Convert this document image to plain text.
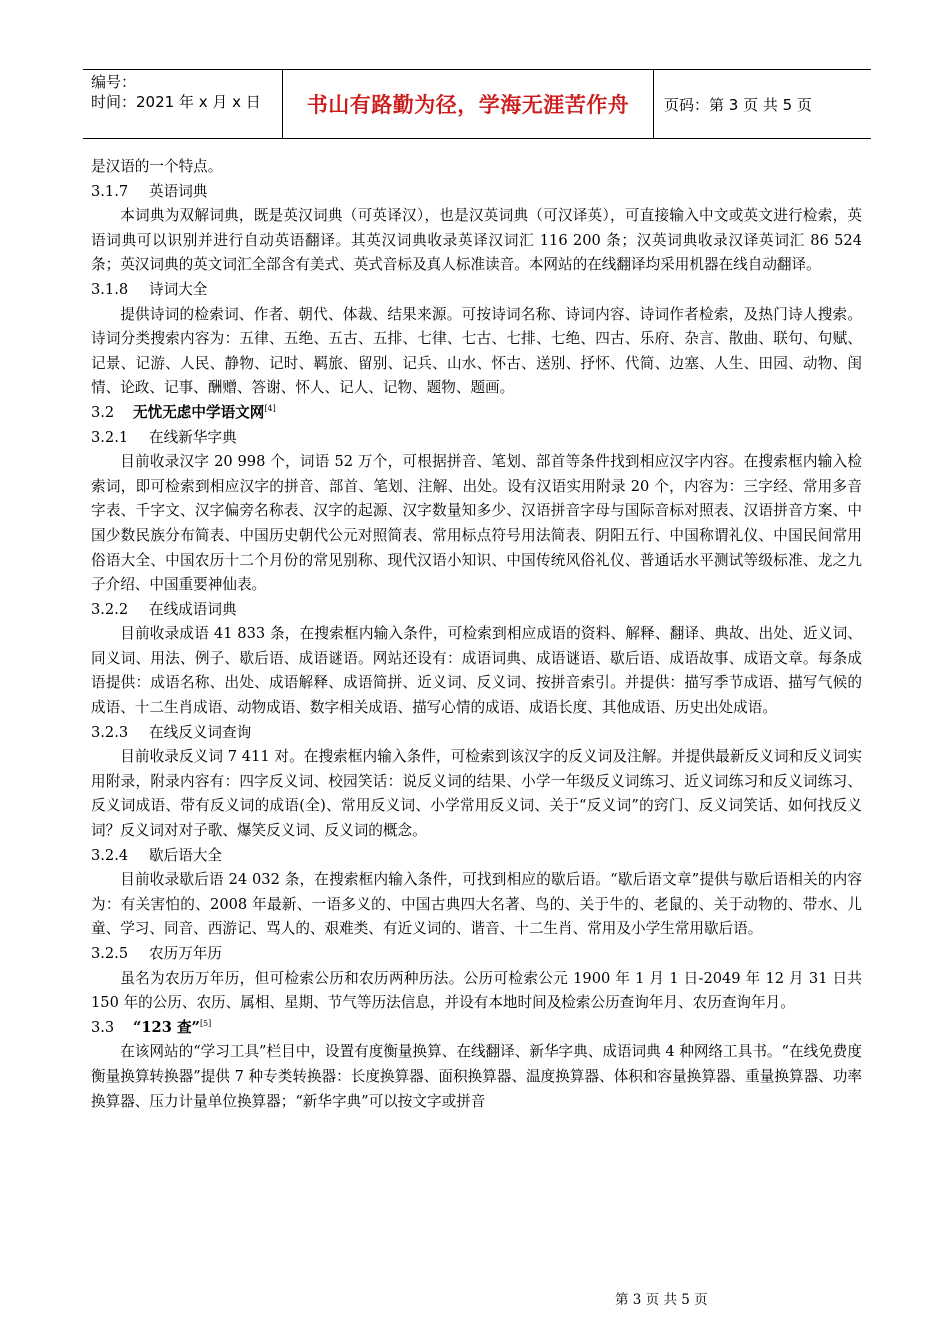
编号：
时间：2021 年 x 月 x 日	书山有路勤为径，学海无涯苦作舟	页码：第 3 页 共 5 页

是汉语的一个特点。

3.1.7 英语词典

本词典为双解词典，既是英汉词典（可英译汉），也是汉英词典（可汉译英），可直接输入中文或英文进行检索，英语词典可以识别并进行自动英语翻译。其英汉词典收录英译汉词汇 116 200 条；汉英词典收录汉译英词汇 86 524 条；英汉词典的英文词汇全部含有美式、英式音标及真人标准读音。本网站的在线翻译均采用机器在线自动翻译。

3.1.8 诗词大全

提供诗词的检索词、作者、朝代、体裁、结果来源。可按诗词名称、诗词内容、诗词作者检索，及热门诗人搜索。诗词分类搜索内容为：五律、五绝、五古、五排、七律、七古、七排、七绝、四古、乐府、杂言、散曲、联句、句赋、记景、记游、人民、静物、记时、羁旅、留别、记兵、山水、怀古、送别、抒怀、代简、边塞、人生、田园、动物、闺情、论政、记事、酬赠、答谢、怀人、记人、记物、题物、题画。

3.2 无忧无虑中学语文网[4]
3.2.1 在线新华字典

目前收录汉字 20 998 个，词语 52 万个，可根据拼音、笔划、部首等条件找到相应汉字内容。在搜索框内输入检索词，即可检索到相应汉字的拼音、部首、笔划、注解、出处。设有汉语实用附录 20 个，内容为：三字经、常用多音字表、千字文、汉字偏旁名称表、汉字的起源、汉字数量知多少、汉语拼音字母与国际音标对照表、汉语拼音方案、中国少数民族分布简表、中国历史朝代公元对照简表、常用标点符号用法简表、阴阳五行、中国称谓礼仪、中国民间常用俗语大全、中国农历十二个月份的常见别称、现代汉语小知识、中国传统风俗礼仪、普通话水平测试等级标准、龙之九子介绍、中国重要神仙表。

3.2.2 在线成语词典

目前收录成语 41 833 条，在搜索框内输入条件，可检索到相应成语的资料、解释、翻译、典故、出处、近义词、同义词、用法、例子、歇后语、成语谜语。网站还设有：成语词典、成语谜语、歇后语、成语故事、成语文章。每条成语提供：成语名称、出处、成语解释、成语简拼、近义词、反义词、按拼音索引。并提供：描写季节成语、描写气候的成语、十二生肖成语、动物成语、数字相关成语、描写心情的成语、成语长度、其他成语、历史出处成语。

3.2.3 在线反义词查询

目前收录反义词 7 411 对。在搜索框内输入条件，可检索到该汉字的反义词及注解。并提供最新反义词和反义词实用附录，附录内容有：四字反义词、校园笑话：说反义词的结果、小学一年级反义词练习、近义词练习和反义词练习、反义词成语、带有反义词的成语(全)、常用反义词、小学常用反义词、关于“反义词”的窍门、反义词笑话、如何找反义词？反义词对对子歌、爆笑反义词、反义词的概念。

3.2.4 歇后语大全

目前收录歇后语 24 032 条，在搜索框内输入条件，可找到相应的歇后语。“歇后语文章”提供与歇后语相关的内容为：有关害怕的、2008 年最新、一语多义的、中国古典四大名著、鸟的、关于牛的、老鼠的、关于动物的、带水、儿童、学习、同音、西游记、骂人的、艰难类、有近义词的、谐音、十二生肖、常用及小学生常用歇后语。

3.2.5 农历万年历

虽名为农历万年历，但可检索公历和农历两种历法。公历可检索公元 1900 年 1 月 1 日-2049 年 12 月 31 日共 150 年的公历、农历、属相、星期、节气等历法信息，并设有本地时间及检索公历查询年月、农历查询年月。

3.3 “123 查”[5]

在该网站的“学习工具”栏目中，设置有度衡量换算、在线翻译、新华字典、成语词典 4 种网络工具书。“在线免费度衡量换算转换器”提供 7 种专类转换器：长度换算器、面积换算器、温度换算器、体积和容量换算器、重量换算器、功率换算器、压力计量单位换算器；“新华字典”可以按文字或拼音

第 3 页 共 5 页
